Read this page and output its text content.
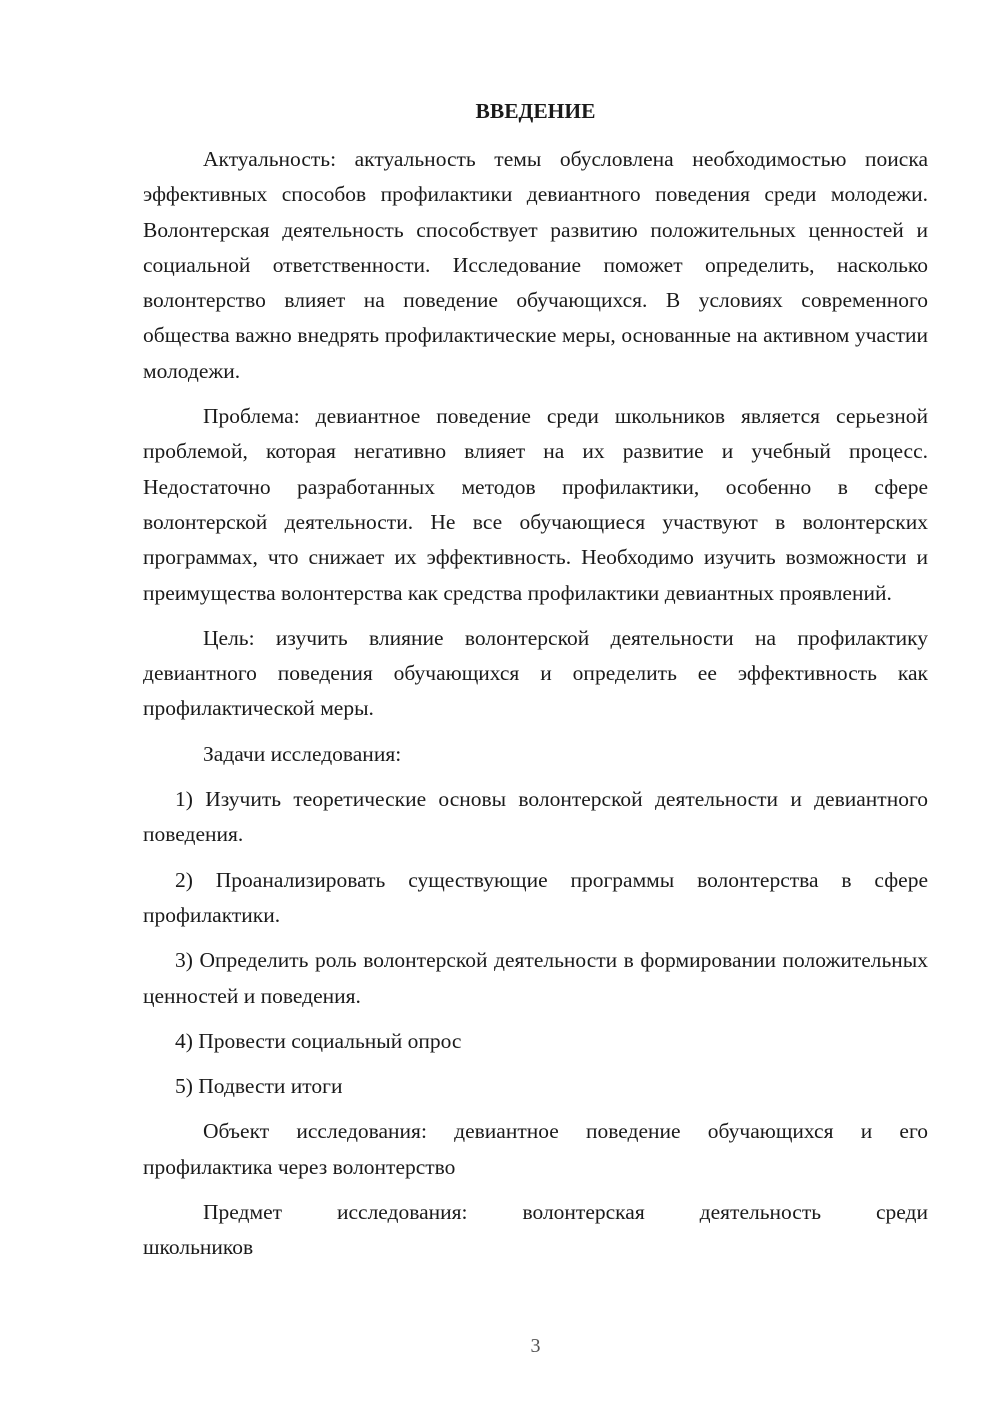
ВВЕДЕНИЕ

Актуальность: актуальность темы обусловлена необходимостью поиска эффективных способов профилактики девиантного поведения среди молодежи. Волонтерская деятельность способствует развитию положительных ценностей и социальной ответственности. Исследование поможет определить, насколько волонтерство влияет на поведение обучающихся. В условиях современного общества важно внедрять профилактические меры, основанные на активном участии молодежи.

Проблема: девиантное поведение среди школьников является серьезной проблемой, которая негативно влияет на их развитие и учебный процесс. Недостаточно разработанных методов профилактики, особенно в сфере волонтерской деятельности. Не все обучающиеся участвуют в волонтерских программах, что снижает их эффективность. Необходимо изучить возможности и преимущества волонтерства как средства профилактики девиантных проявлений.

Цель: изучить влияние волонтерской деятельности на профилактику девиантного поведения обучающихся и определить ее эффективность как профилактической меры.

Задачи исследования:

1) Изучить теоретические основы волонтерской деятельности и девиантного поведения.

2) Проанализировать существующие программы волонтерства в сфере профилактики.

3) Определить роль волонтерской деятельности в формировании положительных ценностей и поведения.

4) Провести социальный опрос

5) Подвести итоги

Объект исследования: девиантное поведение обучающихся и его профилактика через волонтерство

Предмет исследования: волонтерская деятельность среди

школьников

3
